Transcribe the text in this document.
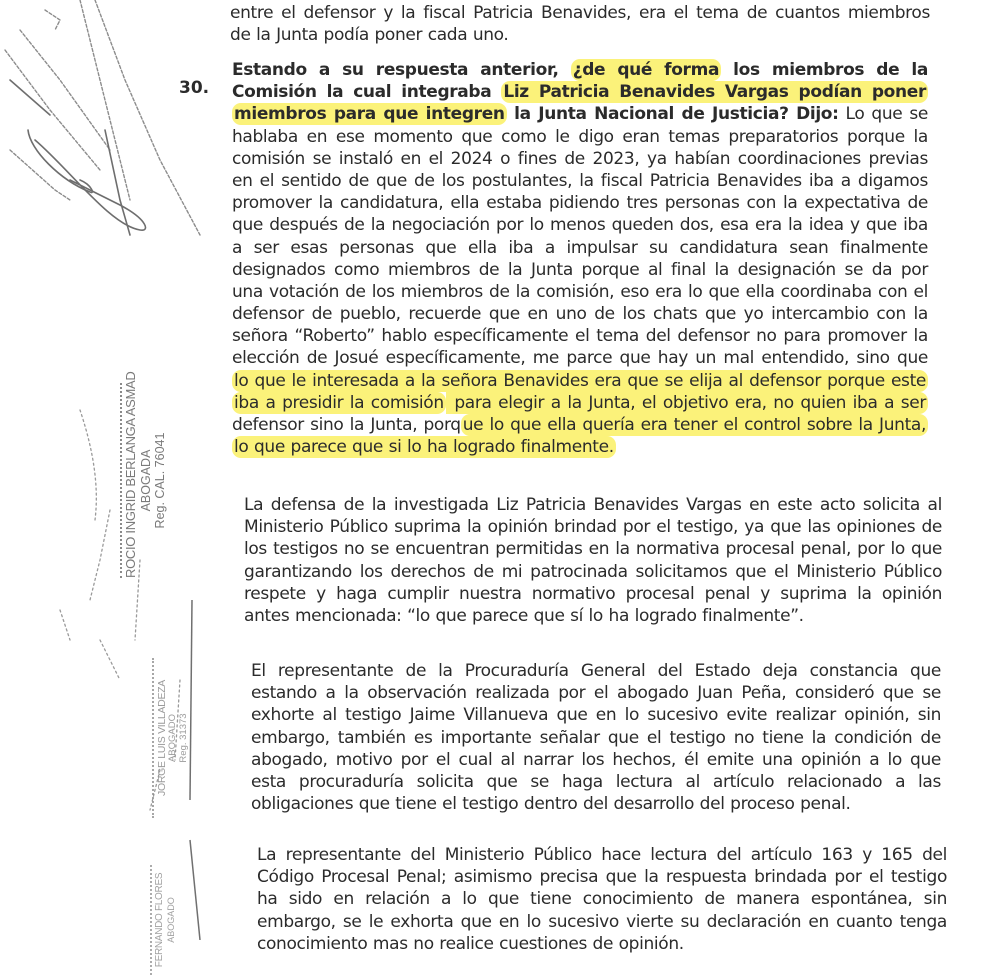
ROCIO INGRID BERLANGA ASMAD ABOGADA Reg. CAL. 76041
JORGE LUIS VILLADEZA ABOGADO Reg. 31373
FERNANDO FLORES ABOGADO
entre el defensor y la fiscal Patricia Benavides, era el tema de cuantos miembros
de la Junta podía poner cada uno.
30.
Estando a su respuesta anterior, ¿de qué forma los miembros de la
Comisión la cual integraba Liz Patricia Benavides Vargas podían poner
miembros para que integren la Junta Nacional de Justicia? Dijo: Lo que se
hablaba en ese momento que como le digo eran temas preparatorios porque la
comisión se instaló en el 2024 o fines de 2023, ya habían coordinaciones previas
en el sentido de que de los postulantes, la fiscal Patricia Benavides iba a digamos
promover la candidatura, ella estaba pidiendo tres personas con la expectativa de
que después de la negociación por lo menos queden dos, esa era la idea y que iba
a ser esas personas que ella iba a impulsar su candidatura sean finalmente
designados como miembros de la Junta porque al final la designación se da por
una votación de los miembros de la comisión, eso era lo que ella coordinaba con el
defensor de pueblo, recuerde que en uno de los chats que yo intercambio con la
señora “Roberto” hablo específicamente el tema del defensor no para promover la
elección de Josué específicamente, me parce que hay un mal entendido, sino que
lo que le interesada a la señora Benavides era que se elija al defensor porque este
iba a presidir la comisión para elegir a la Junta, el objetivo era, no quien iba a ser
defensor sino la Junta, porq ue lo que ella quería era tener el control sobre la Junta,
lo que parece que si lo ha logrado finalmente.
La defensa de la investigada Liz Patricia Benavides Vargas en este acto solicita al
Ministerio Público suprima la opinión brindad por el testigo, ya que las opiniones de
los testigos no se encuentran permitidas en la normativa procesal penal, por lo que
garantizando los derechos de mi patrocinada solicitamos que el Ministerio Público
respete y haga cumplir nuestra normativo procesal penal y suprima la opinión
antes mencionada: “lo que parece que sí lo ha logrado finalmente”.
El representante de la Procuraduría General del Estado deja constancia que
estando a la observación realizada por el abogado Juan Peña, consideró que se
exhorte al testigo Jaime Villanueva que en lo sucesivo evite realizar opinión, sin
embargo, también es importante señalar que el testigo no tiene la condición de
abogado, motivo por el cual al narrar los hechos, él emite una opinión a lo que
esta procuraduría solicita que se haga lectura al artículo relacionado a las
obligaciones que tiene el testigo dentro del desarrollo del proceso penal.
La representante del Ministerio Público hace lectura del artículo 163 y 165 del
Código Procesal Penal; asimismo precisa que la respuesta brindada por el testigo
ha sido en relación a lo que tiene conocimiento de manera espontánea, sin
embargo, se le exhorta que en lo sucesivo vierte su declaración en cuanto tenga
conocimiento mas no realice cuestiones de opinión.
